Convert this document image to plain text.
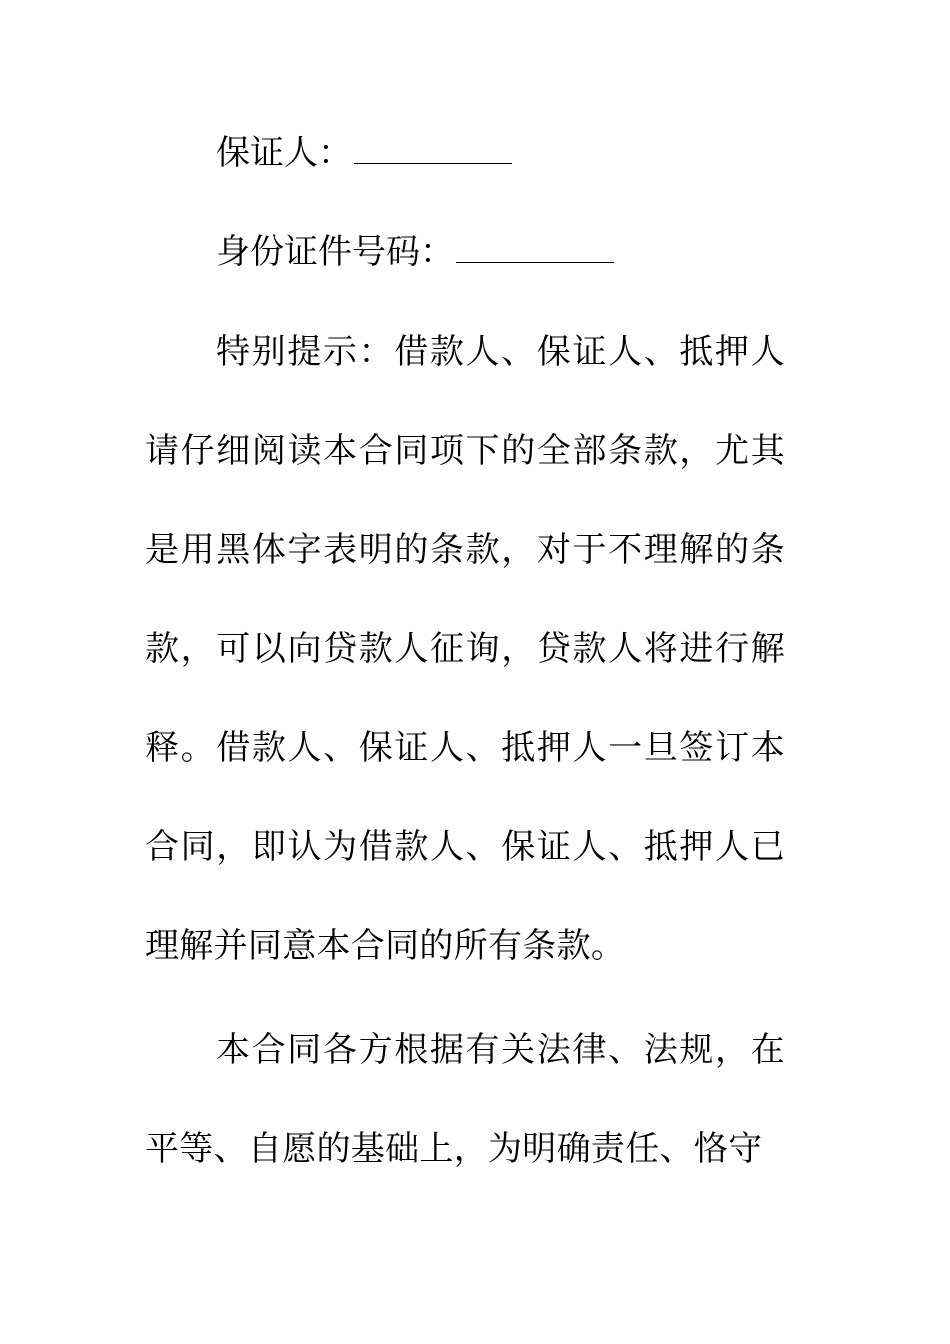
保证人：
身份证件号码：

特别提示：借款人、保证人、抵押人请仔细阅读本合同项下的全部条款，尤其是用黑体字表明的条款，对于不理解的条款，可以向贷款人征询，贷款人将进行解释。借款人、保证人、抵押人一旦签订本合同，即认为借款人、保证人、抵押人已理解并同意本合同的所有条款。

本合同各方根据有关法律、法规，在平等、自愿的基础上，为明确责任、恪守
